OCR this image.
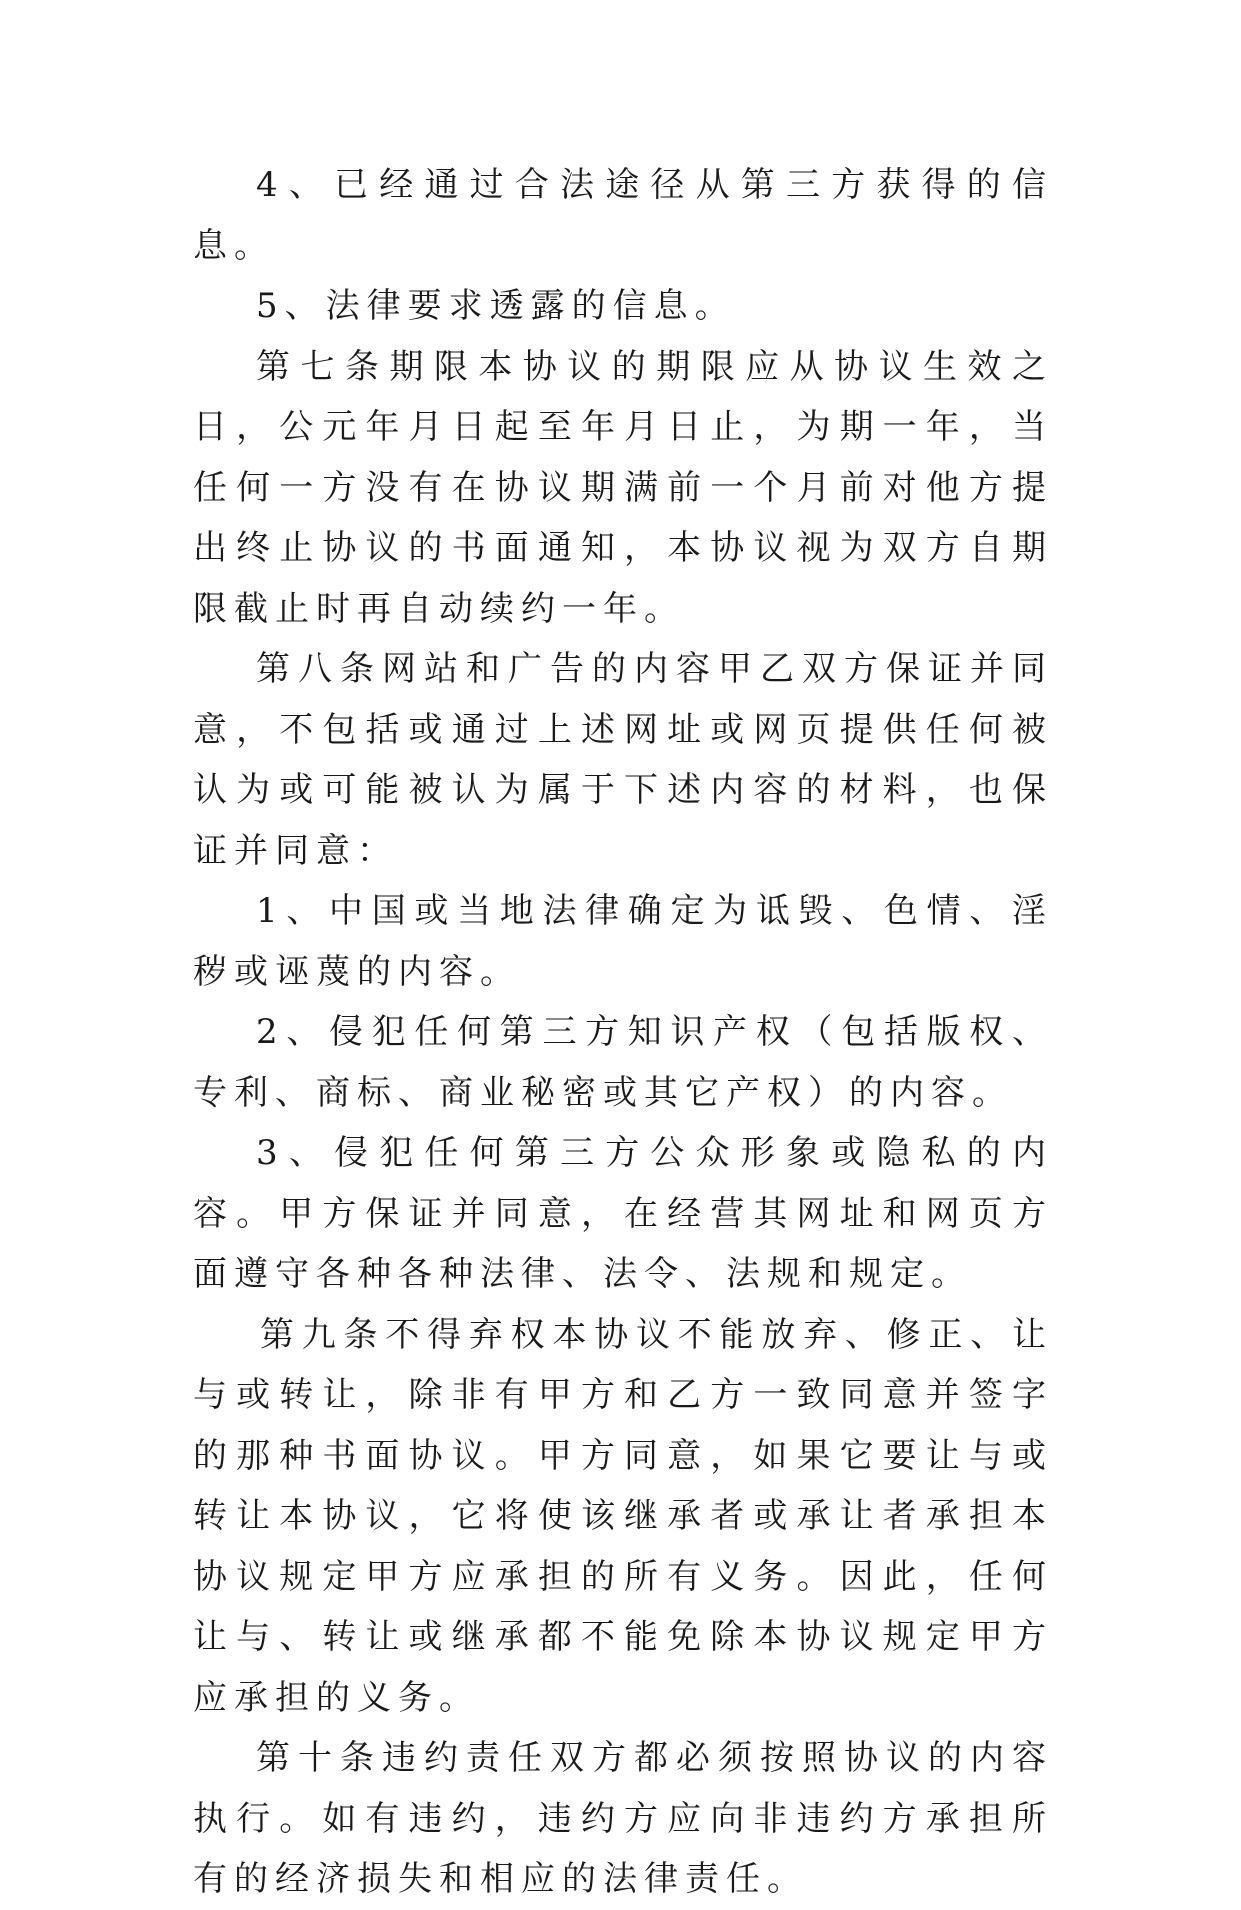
4、已经通过合法途径从第三方获得的信息。

5、法律要求透露的信息。

第七条期限本协议的期限应从协议生效之日，公元年月日起至年月日止，为期一年，当任何一方没有在协议期满前一个月前对他方提出终止协议的书面通知，本协议视为双方自期限截止时再自动续约一年。

第八条网站和广告的内容甲乙双方保证并同意，不包括或通过上述网址或网页提供任何被认为或可能被认为属于下述内容的材料，也保证并同意：

1、中国或当地法律确定为诋毁、色情、淫秽或诬蔑的内容。

2、侵犯任何第三方知识产权（包括版权、专利、商标、商业秘密或其它产权）的内容。

3、侵犯任何第三方公众形象或隐私的内容。甲方保证并同意，在经营其网址和网页方面遵守各种各种法律、法令、法规和规定。

第九条不得弃权本协议不能放弃、修正、让与或转让，除非有甲方和乙方一致同意并签字的那种书面协议。甲方同意，如果它要让与或转让本协议，它将使该继承者或承让者承担本协议规定甲方应承担的所有义务。因此，任何让与、转让或继承都不能免除本协议规定甲方应承担的义务。

第十条违约责任双方都必须按照协议的内容执行。如有违约，违约方应向非违约方承担所有的经济损失和相应的法律责任。
